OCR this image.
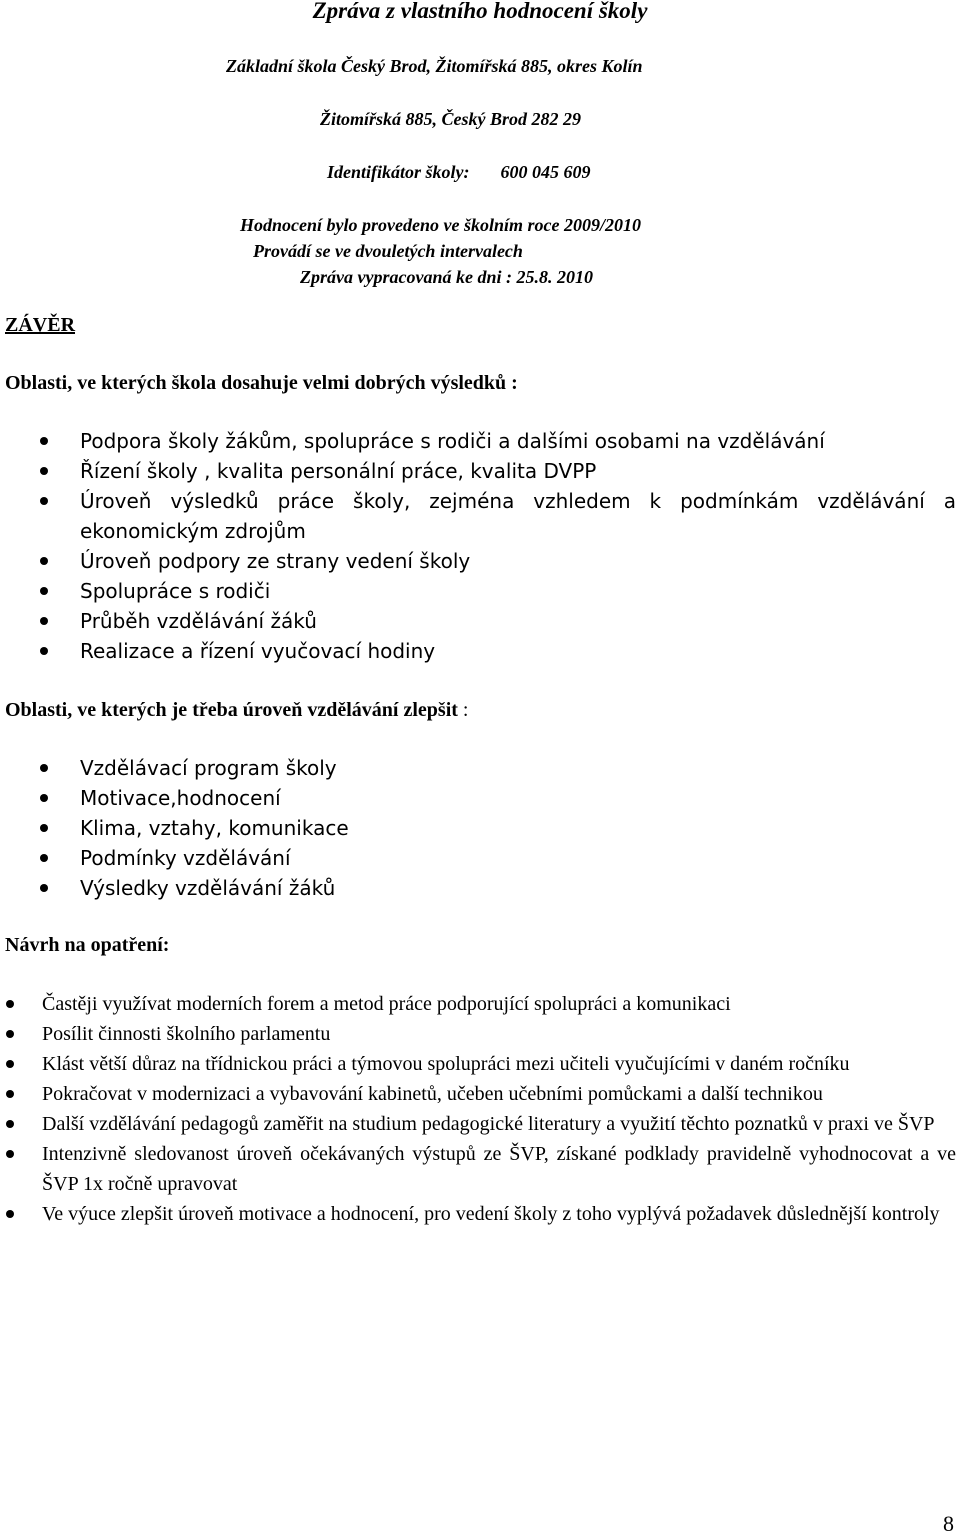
Zpráva z vlastního hodnocení školy
Základní škola Český Brod, Žitomířská 885, okres Kolín
Žitomířská 885, Český Brod 282 29
Identifikátor školy: 600 045 609
Hodnocení bylo provedeno ve školním roce 2009/2010
Provádí se ve dvouletých intervalech
Zpráva vypracovaná ke dni : 25.8. 2010
ZÁVĚR
Oblasti, ve kterých škola dosahuje velmi dobrých výsledků :
Podpora školy žákům, spolupráce s rodiči a dalšími osobami na vzdělávání
Řízení školy , kvalita personální práce, kvalita DVPP
Úroveň výsledků práce školy, zejména vzhledem k podmínkám vzdělávání a ekonomickým zdrojům
Úroveň podpory ze strany vedení školy
Spolupráce s rodiči
Průběh vzdělávání žáků
Realizace a řízení vyučovací hodiny
Oblasti, ve kterých je třeba úroveň vzdělávání zlepšit :
Vzdělávací program školy
Motivace,hodnocení
Klima, vztahy, komunikace
Podmínky vzdělávání
Výsledky vzdělávání žáků
Návrh na opatření:
Častěji využívat moderních forem a metod práce podporující spolupráci a komunikaci
Posílit činnosti školního parlamentu
Klást větší důraz na třídnickou práci a týmovou spolupráci mezi učiteli vyučujícími v daném ročníku
Pokračovat v modernizaci a vybavování kabinetů, učeben učebními pomůckami a další technikou
Další vzdělávání pedagogů zaměřit na studium pedagogické literatury a využití těchto poznatků v praxi ve ŠVP
Intenzivně sledovanost úroveň očekávaných výstupů ze ŠVP, získané podklady pravidelně vyhodnocovat a ve ŠVP 1x ročně upravovat
Ve výuce zlepšit úroveň motivace a hodnocení, pro vedení školy z toho vyplývá požadavek důslednější kontroly
8
